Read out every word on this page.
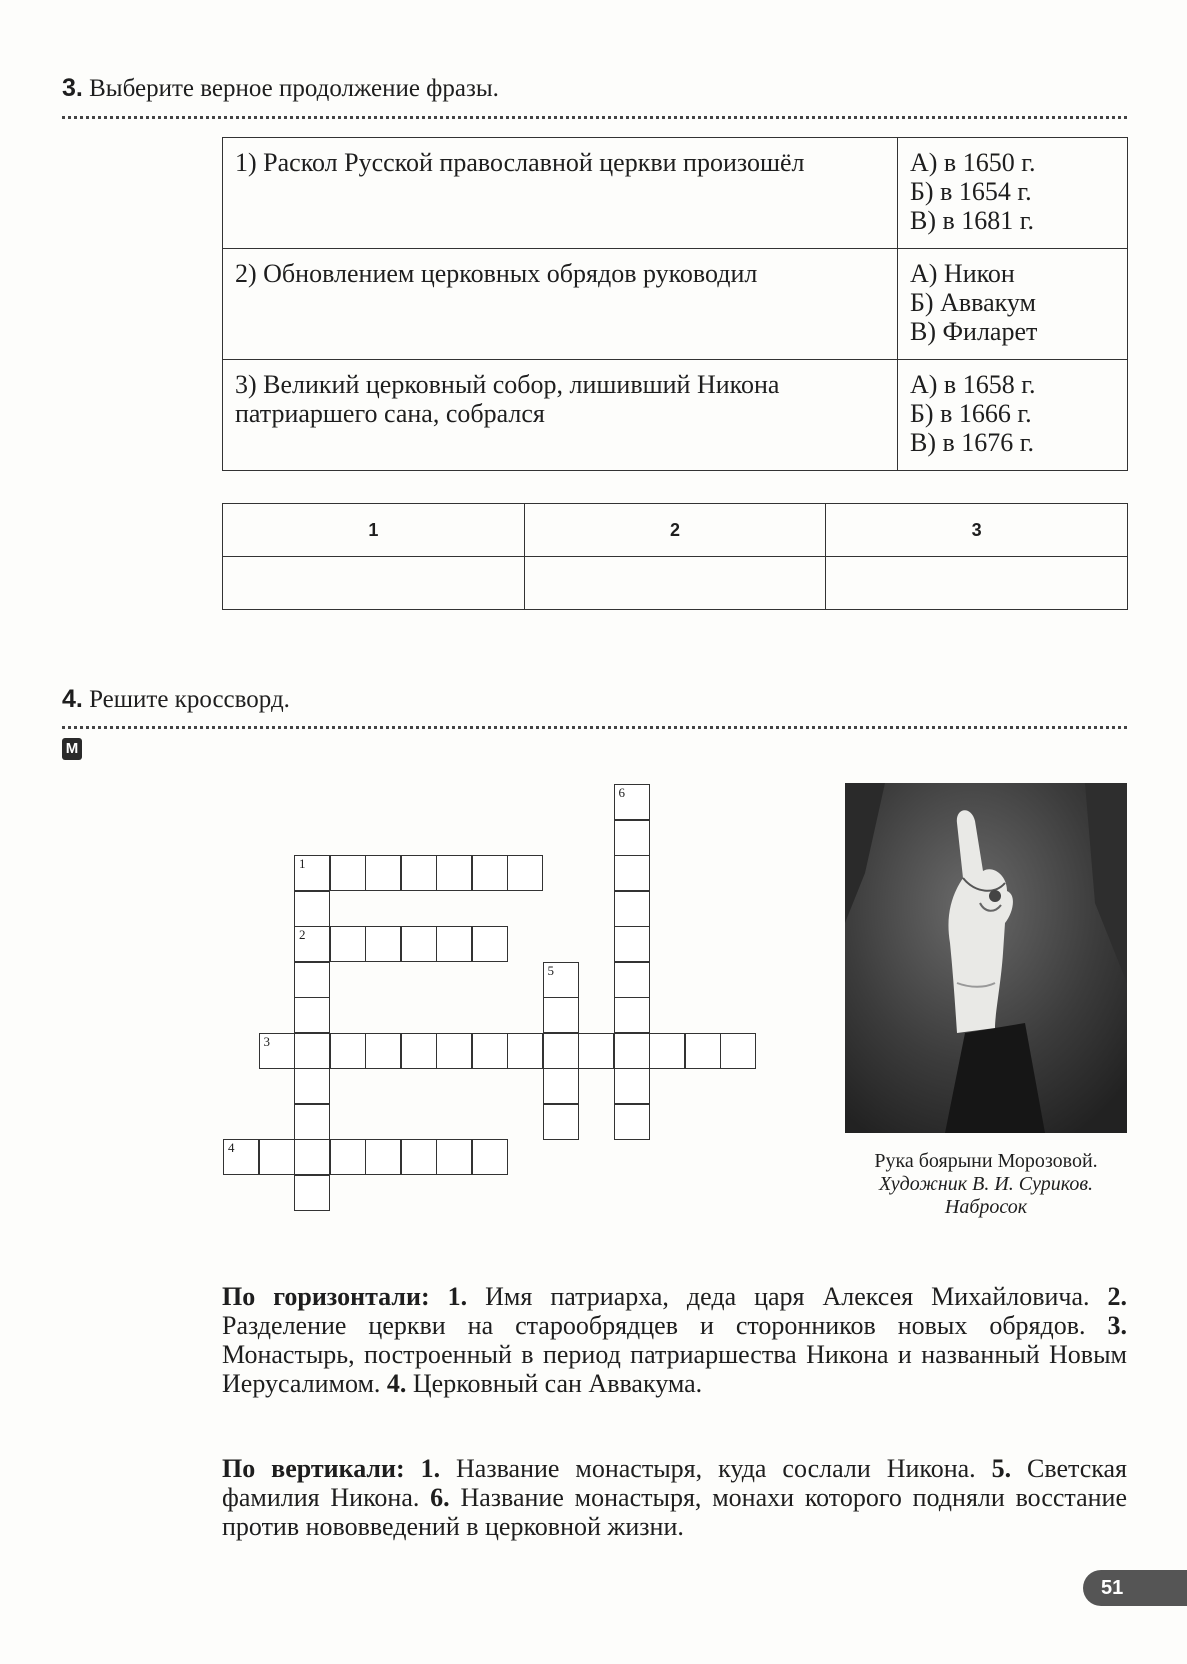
3. Выберите верное продолжение фразы.
1) Раскол Русской православной церкви произошёл	А) в 1650 г.
Б) в 1654 г.
В) в 1681 г.

2) Обновлением церковных обрядов руководил	А) Никон
Б) Аввакум
В) Филарет

3) Великий церковный собор, лишивший Никона патриаршего сана, собрался	А) в 1658 г.
Б) в 1666 г.
В) в 1676 г.
1	2	3

4. Решите кроссворд.
M
1
2
3
4
5
6
Рука боярыни Морозовой.
Художник В. И. Суриков.
Набросок
По горизонтали: 1. Имя патриарха, деда царя Алексея Михайловича. 2. Разделение церкви на старообрядцев и сторонников новых обрядов. 3. Монастырь, построенный в период патриаршества Никона и названный Новым Иерусалимом. 4. Церковный сан Аввакума.
По вертикали: 1. Название монастыря, куда сослали Никона. 5. Светская фамилия Никона. 6. Название монастыря, монахи которого подняли восстание против нововведений в церковной жизни.
51
